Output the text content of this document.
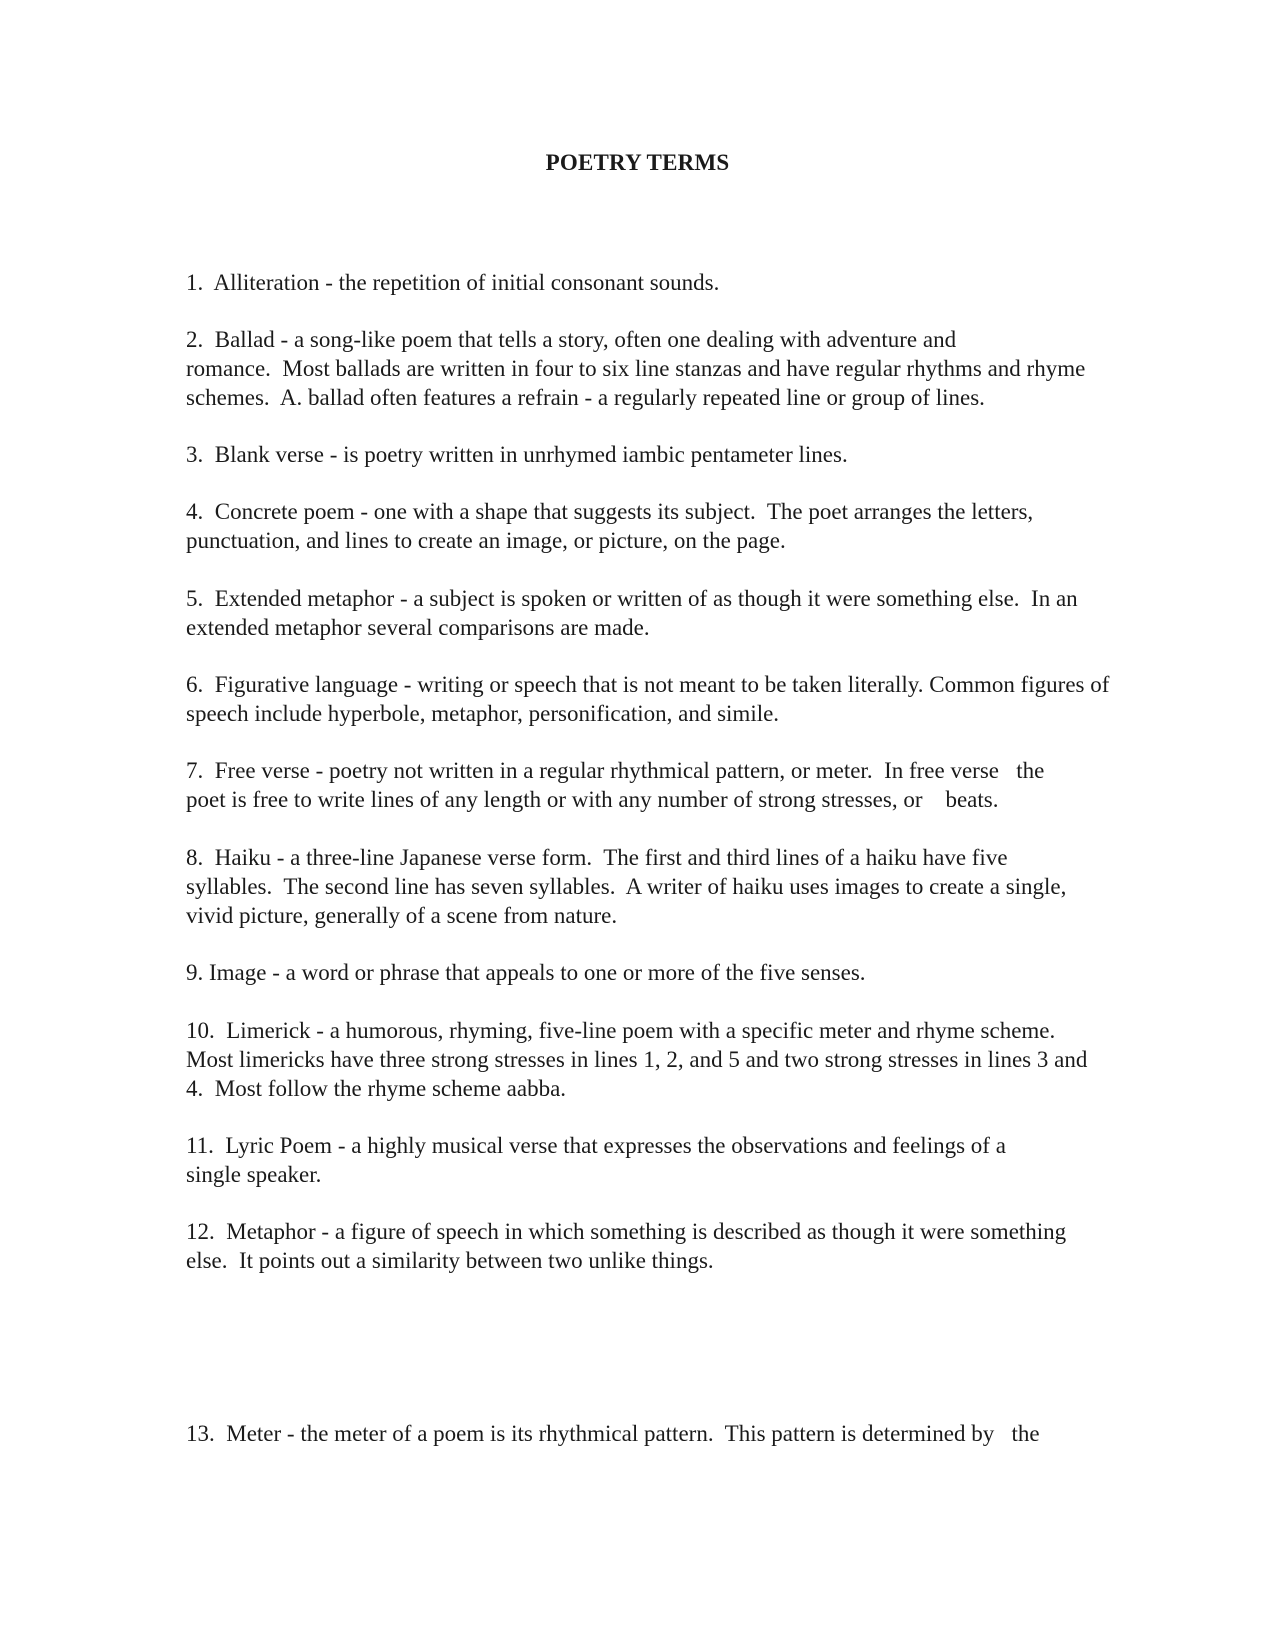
POETRY TERMS
1.  Alliteration - the repetition of initial consonant sounds.
2.  Ballad - a song-like poem that tells a story, often one dealing with adventure and
romance.  Most ballads are written in four to six line stanzas and have regular rhythms and rhyme
schemes.  A. ballad often features a refrain - a regularly repeated line or group of lines.
3.  Blank verse - is poetry written in unrhymed iambic pentameter lines.
4.  Concrete poem - one with a shape that suggests its subject.  The poet arranges the letters,
punctuation, and lines to create an image, or picture, on the page.
5.  Extended metaphor - a subject is spoken or written of as though it were something else.  In an
extended metaphor several comparisons are made.
6.  Figurative language - writing or speech that is not meant to be taken literally. Common figures of
speech include hyperbole, metaphor, personification, and simile.
7.  Free verse - poetry not written in a regular rhythmical pattern, or meter.  In free verse   the
poet is free to write lines of any length or with any number of strong stresses, or    beats.
8.  Haiku - a three-line Japanese verse form.  The first and third lines of a haiku have five
syllables.  The second line has seven syllables.  A writer of haiku uses images to create a single,
vivid picture, generally of a scene from nature.
9. Image - a word or phrase that appeals to one or more of the five senses.
10.  Limerick - a humorous, rhyming, five-line poem with a specific meter and rhyme scheme.
Most limericks have three strong stresses in lines 1, 2, and 5 and two strong stresses in lines 3 and
4.  Most follow the rhyme scheme aabba.
11.  Lyric Poem - a highly musical verse that expresses the observations and feelings of a
single speaker.
12.  Metaphor - a figure of speech in which something is described as though it were something
else.  It points out a similarity between two unlike things.
13.  Meter - the meter of a poem is its rhythmical pattern.  This pattern is determined by   the
